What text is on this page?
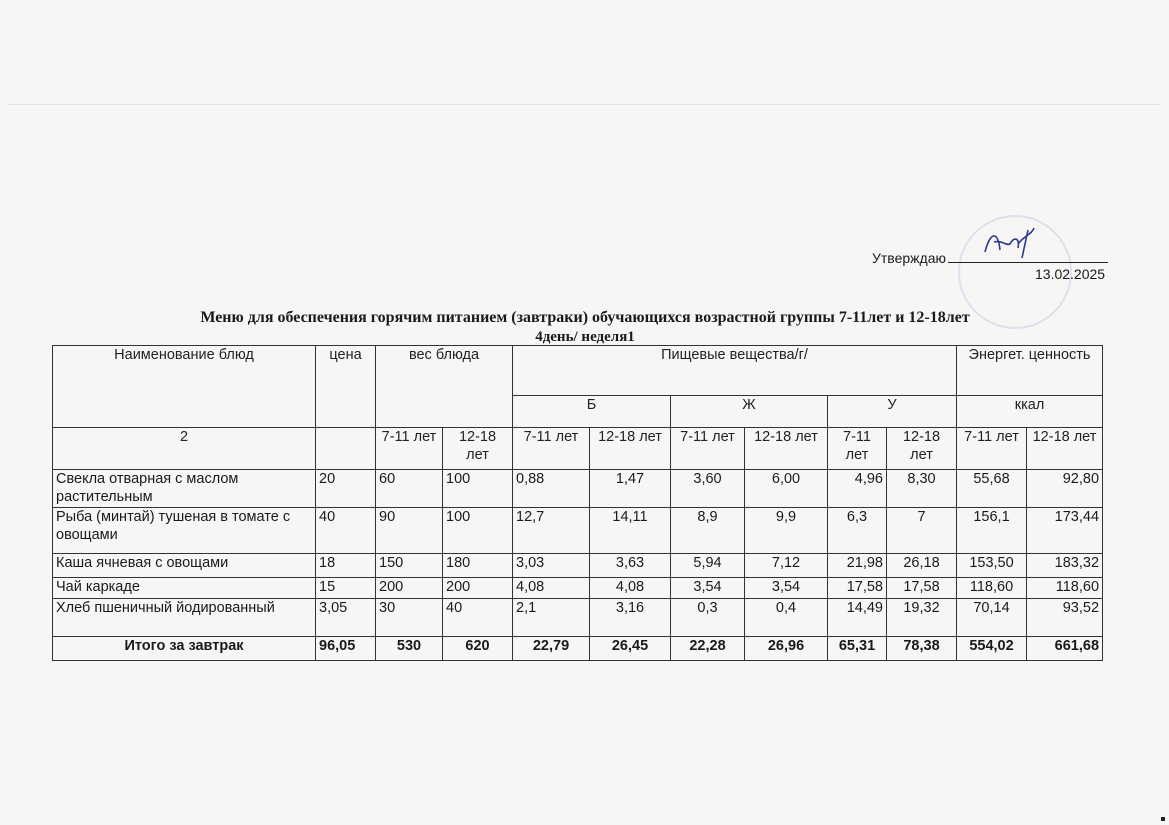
Утверждаю
13.02.2025
Меню для обеспечения горячим питанием (завтраки) обучающихся возрастной группы 7-11лет и 12-18лет
4день/ неделя1
Наименование блюд	цена	вес блюда		Пищевые вещества/г/						Энергет. ценность	
				Б		Ж		У		ккал	
2		7-11 лет	12-18 лет	7-11 лет	12-18 лет	7-11 лет	12-18 лет	7-11 лет	12-18 лет	7-11 лет	12-18 лет
Свекла отварная с маслом растительным	20	60	100	0,88	1,47	3,60	6,00	4,96	8,30	55,68	92,80
Рыба (минтай) тушеная в томате с овощами	40	90	100	12,7	14,11	8,9	9,9	6,3	7	156,1	173,44
Каша ячневая с овощами	18	150	180	3,03	3,63	5,94	7,12	21,98	26,18	153,50	183,32
Чай каркаде	15	200	200	4,08	4,08	3,54	3,54	17,58	17,58	118,60	118,60
Хлеб пшеничный йодированный	3,05	30	40	2,1	3,16	0,3	0,4	14,49	19,32	70,14	93,52
Итого за завтрак	96,05	530	620	22,79	26,45	22,28	26,96	65,31	78,38	554,02	661,68
